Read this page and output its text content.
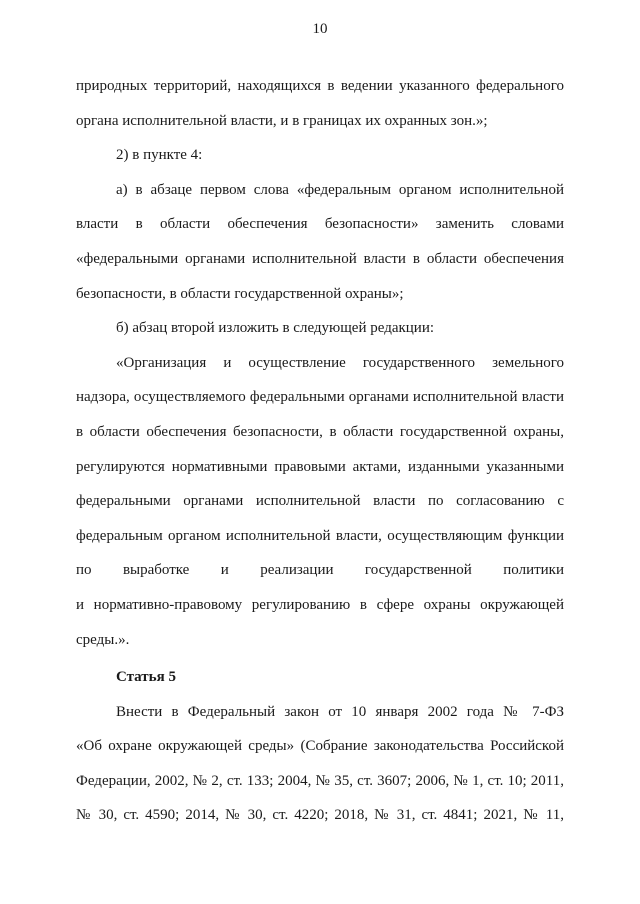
10
природных территорий, находящихся в ведении указанного федерального
органа исполнительной власти, и в границах их охранных зон.»;
2) в пункте 4:
а) в абзаце первом слова «федеральным органом исполнительной
власти в области обеспечения безопасности» заменить словами
«федеральными органами исполнительной власти в области обеспечения
безопасности, в области государственной охраны»;
б) абзац второй изложить в следующей редакции:
«Организация и осуществление государственного земельного
надзора, осуществляемого федеральными органами исполнительной власти
в области обеспечения безопасности, в области государственной охраны,
регулируются нормативными правовыми актами, изданными указанными
федеральными органами исполнительной власти по согласованию с
федеральным органом исполнительной власти, осуществляющим функции
по выработке и реализации государственной политики
и нормативно-правовому регулированию в сфере охраны окружающей
среды.».
Статья 5
Внести в Федеральный закон от 10 января 2002 года № 7-ФЗ
«Об охране окружающей среды» (Собрание законодательства Российской
Федерации, 2002, № 2, ст. 133; 2004, № 35, ст. 3607; 2006, № 1, ст. 10; 2011,
№ 30, ст. 4590; 2014, № 30, ст. 4220; 2018, № 31, ст. 4841; 2021, № 11,
